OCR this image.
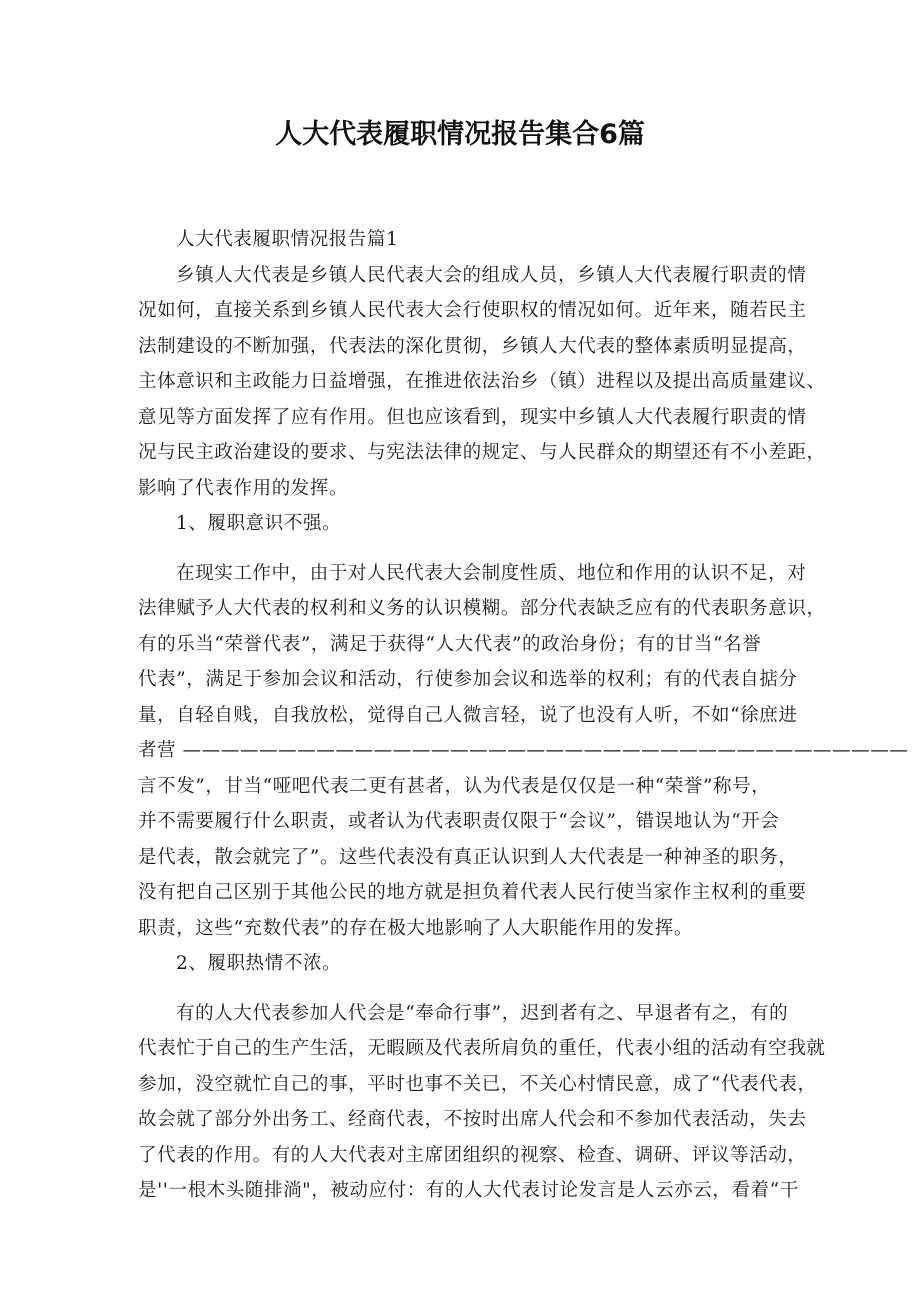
人大代表履职情况报告集合6篇
人大代表履职情况报告篇1
乡镇人大代表是乡镇人民代表大会的组成人员，乡镇人大代表履行职责的情
况如何，直接关系到乡镇人民代表大会行使职权的情况如何。近年来，随若民主
法制建设的不断加强，代表法的深化贯彻，乡镇人大代表的整体素质明显提高，
主体意识和主政能力日益增强，在推进依法治乡（镇）进程以及提出高质量建议、
意见等方面发挥了应有作用。但也应该看到，现实中乡镇人大代表履行职责的情
况与民主政治建设的要求、与宪法法律的规定、与人民群众的期望还有不小差距，
影响了代表作用的发挥。
1、履职意识不强。
在现实工作中，由于对人民代表大会制度性质、地位和作用的认识不足，对
法律赋予人大代表的权利和义务的认识模糊。部分代表缺乏应有的代表职务意识，
有的乐当“荣誉代表”，满足于获得“人大代表”的政治身份；有的甘当“名誉
代表”，满足于参加会议和活动，行使参加会议和选举的权利；有的代表自掂分
量，自轻自贱，自我放松，觉得自己人微言轻，说了也没有人听，不如“徐庶进
者营 ——————————————————————————————————————
言不发”，甘当“哑吧代表二更有甚者，认为代表是仅仅是一种“荣誉”称号，
并不需要履行什么职责，或者认为代表职责仅限于“会议”，错误地认为“开会
是代表，散会就完了”。这些代表没有真正认识到人大代表是一种神圣的职务，
没有把自己区别于其他公民的地方就是担负着代表人民行使当家作主权利的重要
职责，这些“充数代表”的存在极大地影响了人大职能作用的发挥。
2、履职热情不浓。
有的人大代表参加人代会是“奉命行事”，迟到者有之、早退者有之，有的
代表忙于自己的生产生活，无暇顾及代表所肩负的重任，代表小组的活动有空我就
参加，没空就忙自己的事，平时也事不关已，不关心村情民意，成了“代表代表，
故会就了部分外出务工、经商代表，不按时出席人代会和不参加代表活动，失去
了代表的作用。有的人大代表对主席团组织的视察、检查、调研、评议等活动，
是''一根木头随排淌"，被动应付：有的人大代表讨论发言是人云亦云，看着“干
